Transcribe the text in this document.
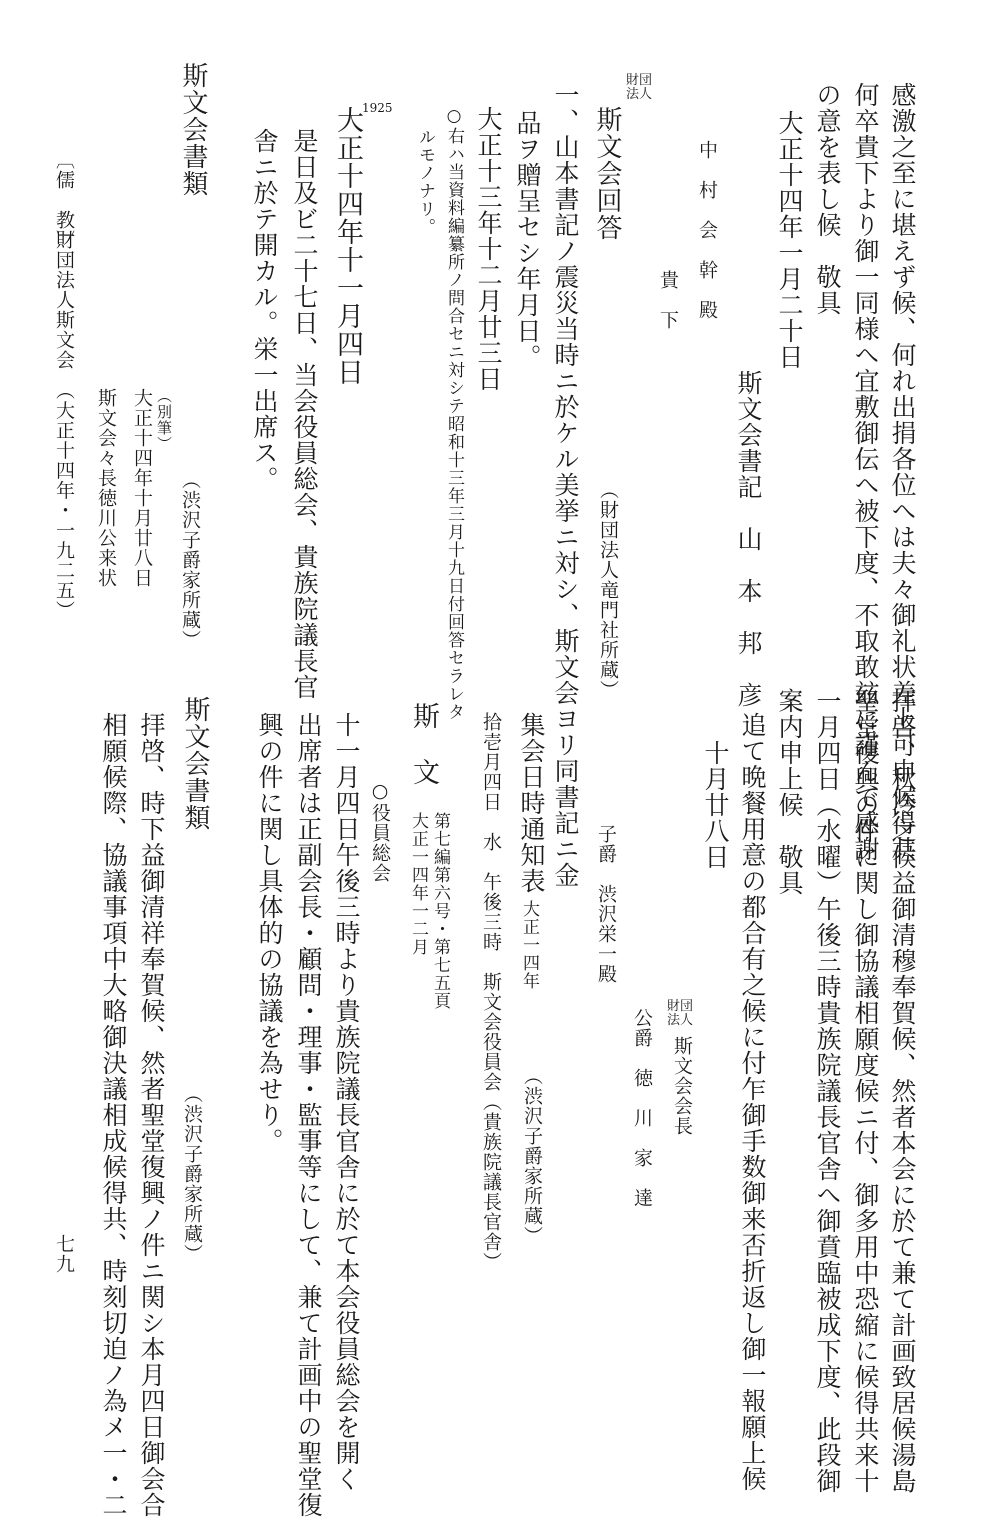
感激之至に堪えず候、何れ出捐各位へは夫々御礼状差上可申候得共
何卒貴下より御一同様へ宜敷御伝へ被下度、不取敢玆に謹んで感謝
の意を表し候　敬具
大正十四年一月二十日
斯文会書記　山　本　邦　彦
中　村　会　幹　殿
貴　下
財団法人
斯文会回答
（財団法人竜門社所蔵）
一、山本書記ノ震災当時ニ於ケル美挙ニ対シ、斯文会ヨリ同書記ニ金
品ヲ贈呈セシ年月日。
大正十三年十二月廿三日
○右ハ当資料編纂所ノ問合セニ対シテ昭和十三年三月十九日付回答セラレタ
ルモノナリ。
1925
大正十四年十一月四日
是日及ビ二十七日、当会役員総会、貴族院議長官
舎ニ於テ開カル。栄一出席ス。
斯文会書類
（渋沢子爵家所蔵）
（別筆）
大正十四年十月廿八日
斯文会々長徳川公来状
〔儒　教〕
財団法人斯文会　（大正十四年・一九二五）
拝啓、秋冷之候益御清穆奉賀候、然者本会に於て兼て計画致居候湯島
聖堂復興の件に関し御協議相願度候ニ付、御多用中恐縮に候得共来十
一月四日（水曜）午後三時貴族院議長官舎へ御賁臨被成下度、此段御
案内申上候　敬具
追て晩餐用意の都合有之候に付乍御手数御来否折返し御一報願上候
十月廿八日
財団法人
斯文会会長
公爵　徳　川　家　達
子爵　渋沢栄一殿
集会日時通知表
大正一四年
（渋沢子爵家所蔵）
拾壱月四日　水　午後三時　斯文会役員会（貴族院議長官舎）
斯　文
第七編第六号・第七五頁
大正一四年一二月
○役員総会
十一月四日午後三時より貴族院議長官舎に於て本会役員総会を開く
出席者は正副会長・顧問・理事・監事等にして、兼て計画中の聖堂復
興の件に関し具体的の協議を為せり。
斯文会書類
（渋沢子爵家所蔵）
拝啓、時下益御清祥奉賀候、然者聖堂復興ノ件ニ関シ本月四日御会合
相願候際、協議事項中大略御決議相成候得共、時刻切迫ノ為メ一・二
七九
